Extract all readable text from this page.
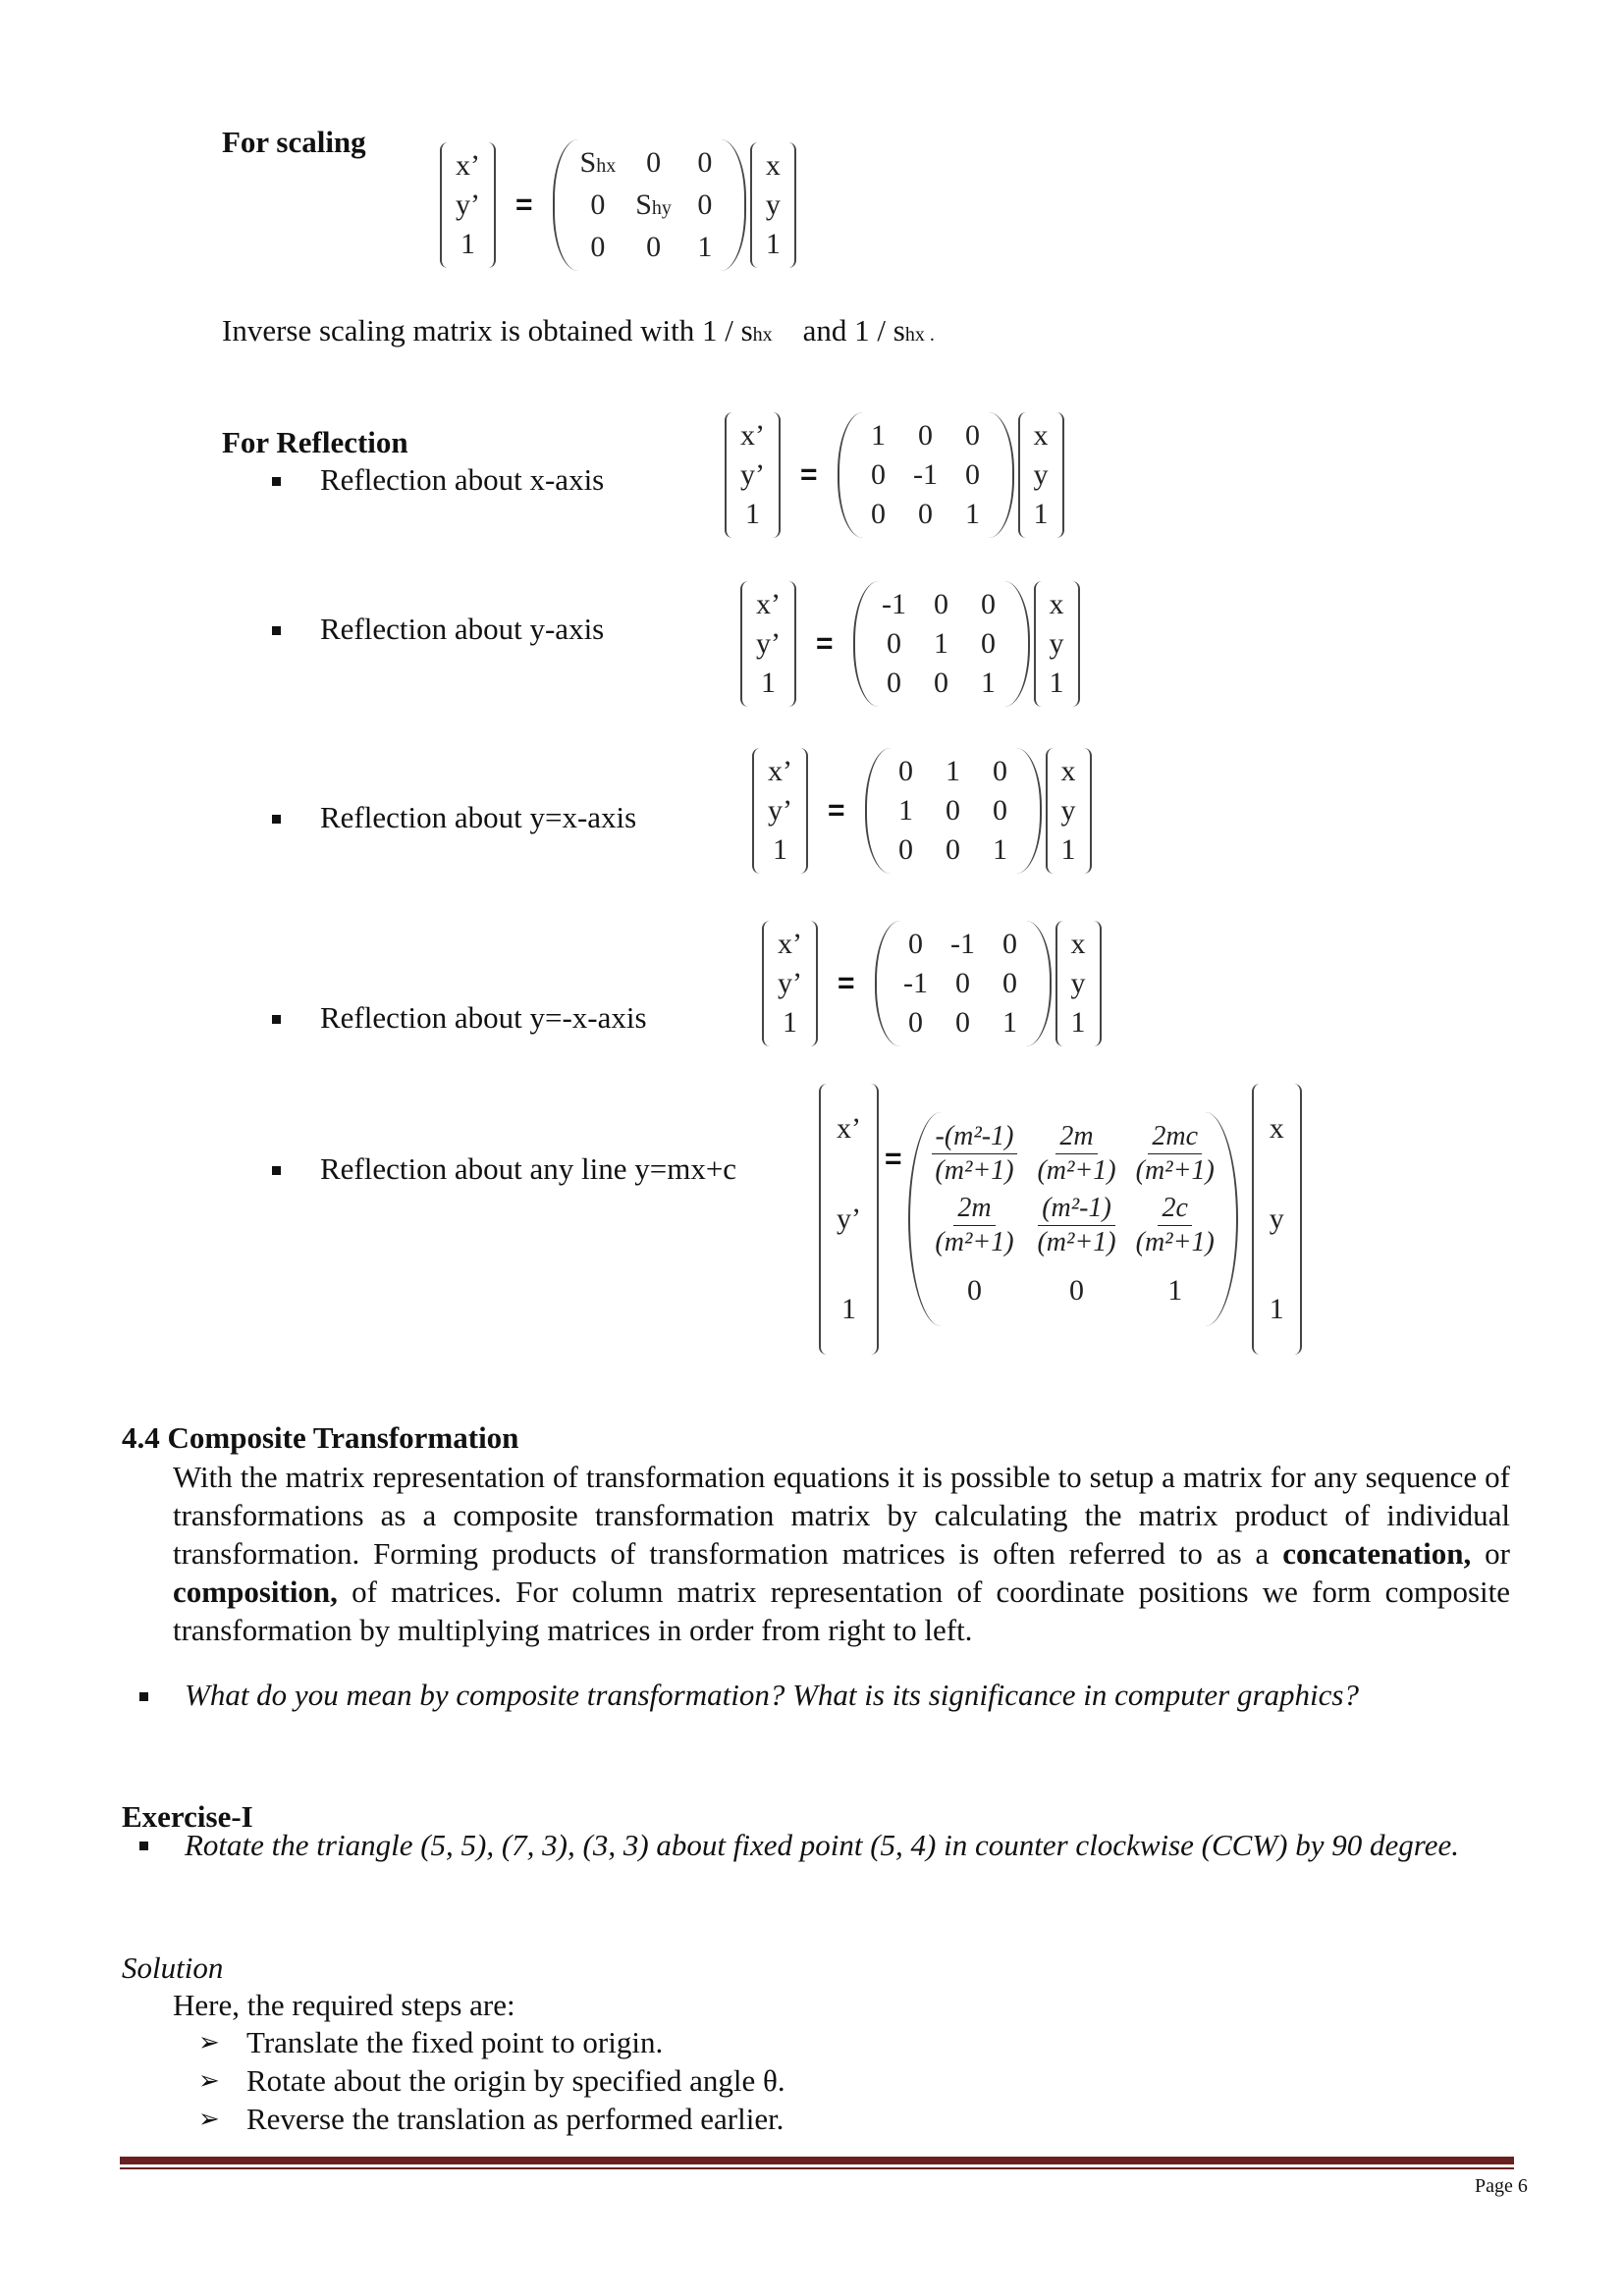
For scaling
x’
y’
1
=
Shx	0	0
0	Shy 0
0	0	1
x
y
1
Inverse scaling matrix is obtained with 1 / shx and 1 / shx .
For Reflection
Reflection about x-axis
x’
y’
1
=
1	0	0
0 -1 0
0	0	1
x
y
1
Reflection about y-axis
x’
y’
1
=
-1 0	0
0	1	0
0	0	1
x
y
1
Reflection about y=x-axis
x’
y’
1
=
0	1	0
1	0	0
0	0	1
x
y
1
Reflection about y=-x-axis
x’
y’
1
=
0 -1 0
-1 0	0
0	0	1
x
y
1
Reflection about any line y=mx+c
x’
y’
1
= $\frac{\text{-(m²-1)}}{\text{(m²+1)}} \frac{2m}{\text{(m²+1)}} \frac{2mc}{\text{(m²+1)}}$
$\frac{2m}{\text{(m²+1)}} \frac{\text{(m²-1)}}{\text{(m²+1)}} \frac{2c}{\text{(m²+1)}}$
0	0	1
x
y
1
4.4 Composite Transformation

With the matrix representation of transformation equations it is possible to setup a matrix for any sequence of transformations as a composite transformation matrix by calculating the matrix product of individual transformation. Forming products of transformation matrices is often referred to as a concatenation, or composition, of matrices. For column matrix representation of coordinate positions we form composite transformation by multiplying matrices in order from right to left.

What do you mean by composite transformation? What is its significance in computer graphics?
Exercise-I

Rotate the triangle (5, 5), (7, 3), (3, 3) about fixed point (5, 4) in counter clockwise (CCW) by 90 degree.

Solution
Here, the required steps are:
➢ Translate the fixed point to origin.
➢ Rotate about the origin by specified angle θ.
➢ Reverse the translation as performed earlier.
Page 6
